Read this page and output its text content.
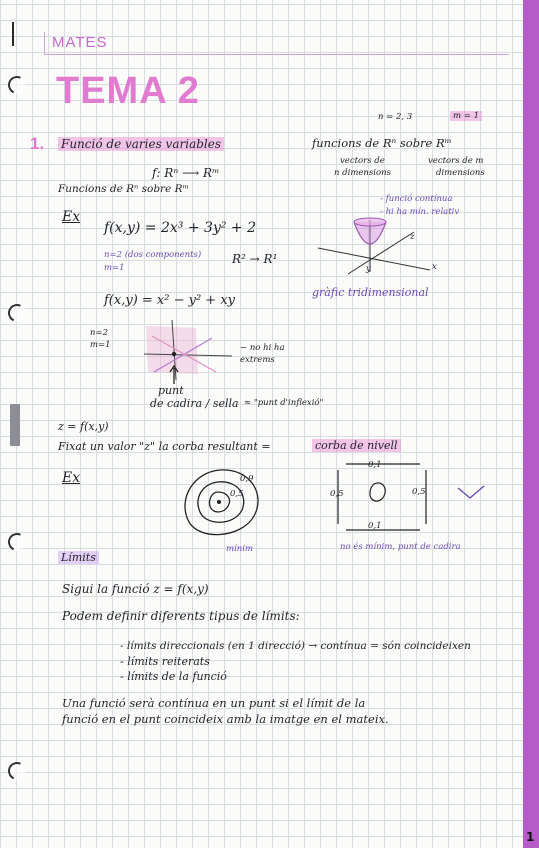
MATES
TEMA 2
1. Funció de varies variables
f: Rⁿ ⟶ Rᵐ
Funcions de Rⁿ sobre Rᵐ
Ex
f(x,y) = 2x³ + 3y² + 2
n=2 (dos components)
m=1
R² → R¹
f(x,y) = x² − y² + xy
n=2
m=1	− no hi ha extrems
punt
de cadira / sella ≈ "punt d'inflexió"
n = 2, 3	m = 1
funcions de Rⁿ sobre Rᵐ
vectors de
n dimensions
vectors de m
dimensions
- funció contínua
- hi ha mín. relativ
z
y	x
gràfic tridimensional
z = f(x,y)
Fixat un valor "z" la corba resultant =	corba de nivell
Ex	0,9
0,5
mínim
0,1
0,5	0,5
0,1
no és mínim, punt de cadira
Límits
Sigui la funció z = f(x,y)
Podem definir diferents tipus de límits:
- límits direccionals (en 1 direcció) → contínua = són coincideixen
- límits reiterats
- límits de la funció
Una funció serà contínua en un punt si el límit de la
funció en el punt coincideix amb la imatge en el mateix.
1
